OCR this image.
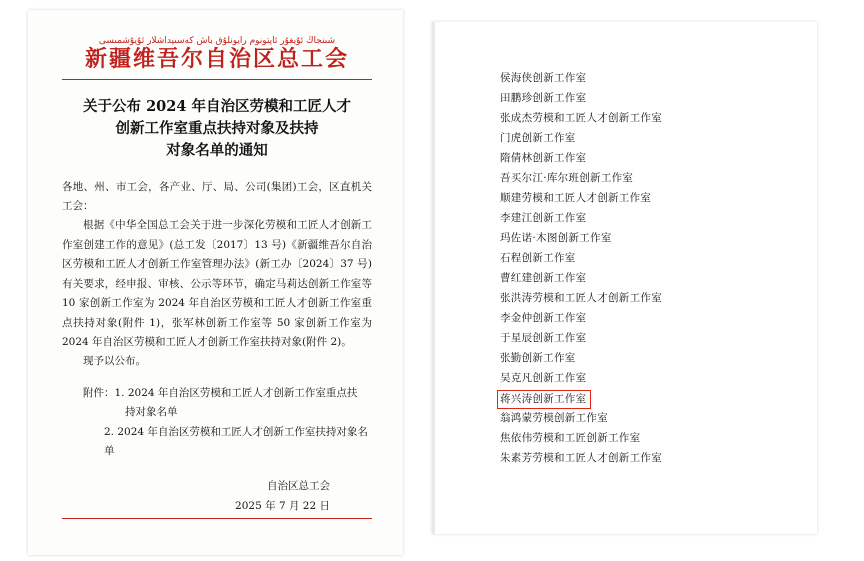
شىنجاڭ ئۇيغۇر ئاپتونوم رايونلۇق باش كەسىپداشلار ئۇيۇشمىسى
新疆维吾尔自治区总工会
关于公布 2024 年自治区劳模和工匠人才
创新工作室重点扶持对象及扶持
对象名单的通知

各地、州、市工会，各产业、厅、局、公司(集团)工会，区直机关工会：

根据《中华全国总工会关于进一步深化劳模和工匠人才创新工作室创建工作的意见》(总工发〔2017〕13 号)《新疆维吾尔自治区劳模和工匠人才创新工作室管理办法》(新工办〔2024〕37 号)有关要求，经申报、审核、公示等环节，确定马莉达创新工作室等 10 家创新工作室为 2024 年自治区劳模和工匠人才创新工作室重点扶持对象(附件 1)，张军林创新工作室等 50 家创新工作室为 2024 年自治区劳模和工匠人才创新工作室扶持对象(附件 2)。

现予以公布。

附件：1. 2024 年自治区劳模和工匠人才创新工作室重点扶
持对象名单
2. 2024 年自治区劳模和工匠人才创新工作室扶持对象名单
自治区总工会
2025 年 7 月 22 日
侯海侠创新工作室
田鹏珍创新工作室
张成杰劳模和工匠人才创新工作室
门虎创新工作室
隋倩林创新工作室
吾买尔江·库尔班创新工作室
顺建劳模和工匠人才创新工作室
李建江创新工作室
玛佐诺·木图创新工作室
石程创新工作室
曹红建创新工作室
张洪涛劳模和工匠人才创新工作室
李金仲创新工作室
于星辰创新工作室
张勤创新工作室
吴克凡创新工作室
蒋兴涛创新工作室
翁鸿蒙劳模创新工作室
焦依伟劳模和工匠创新工作室
朱素芳劳模和工匠人才创新工作室
